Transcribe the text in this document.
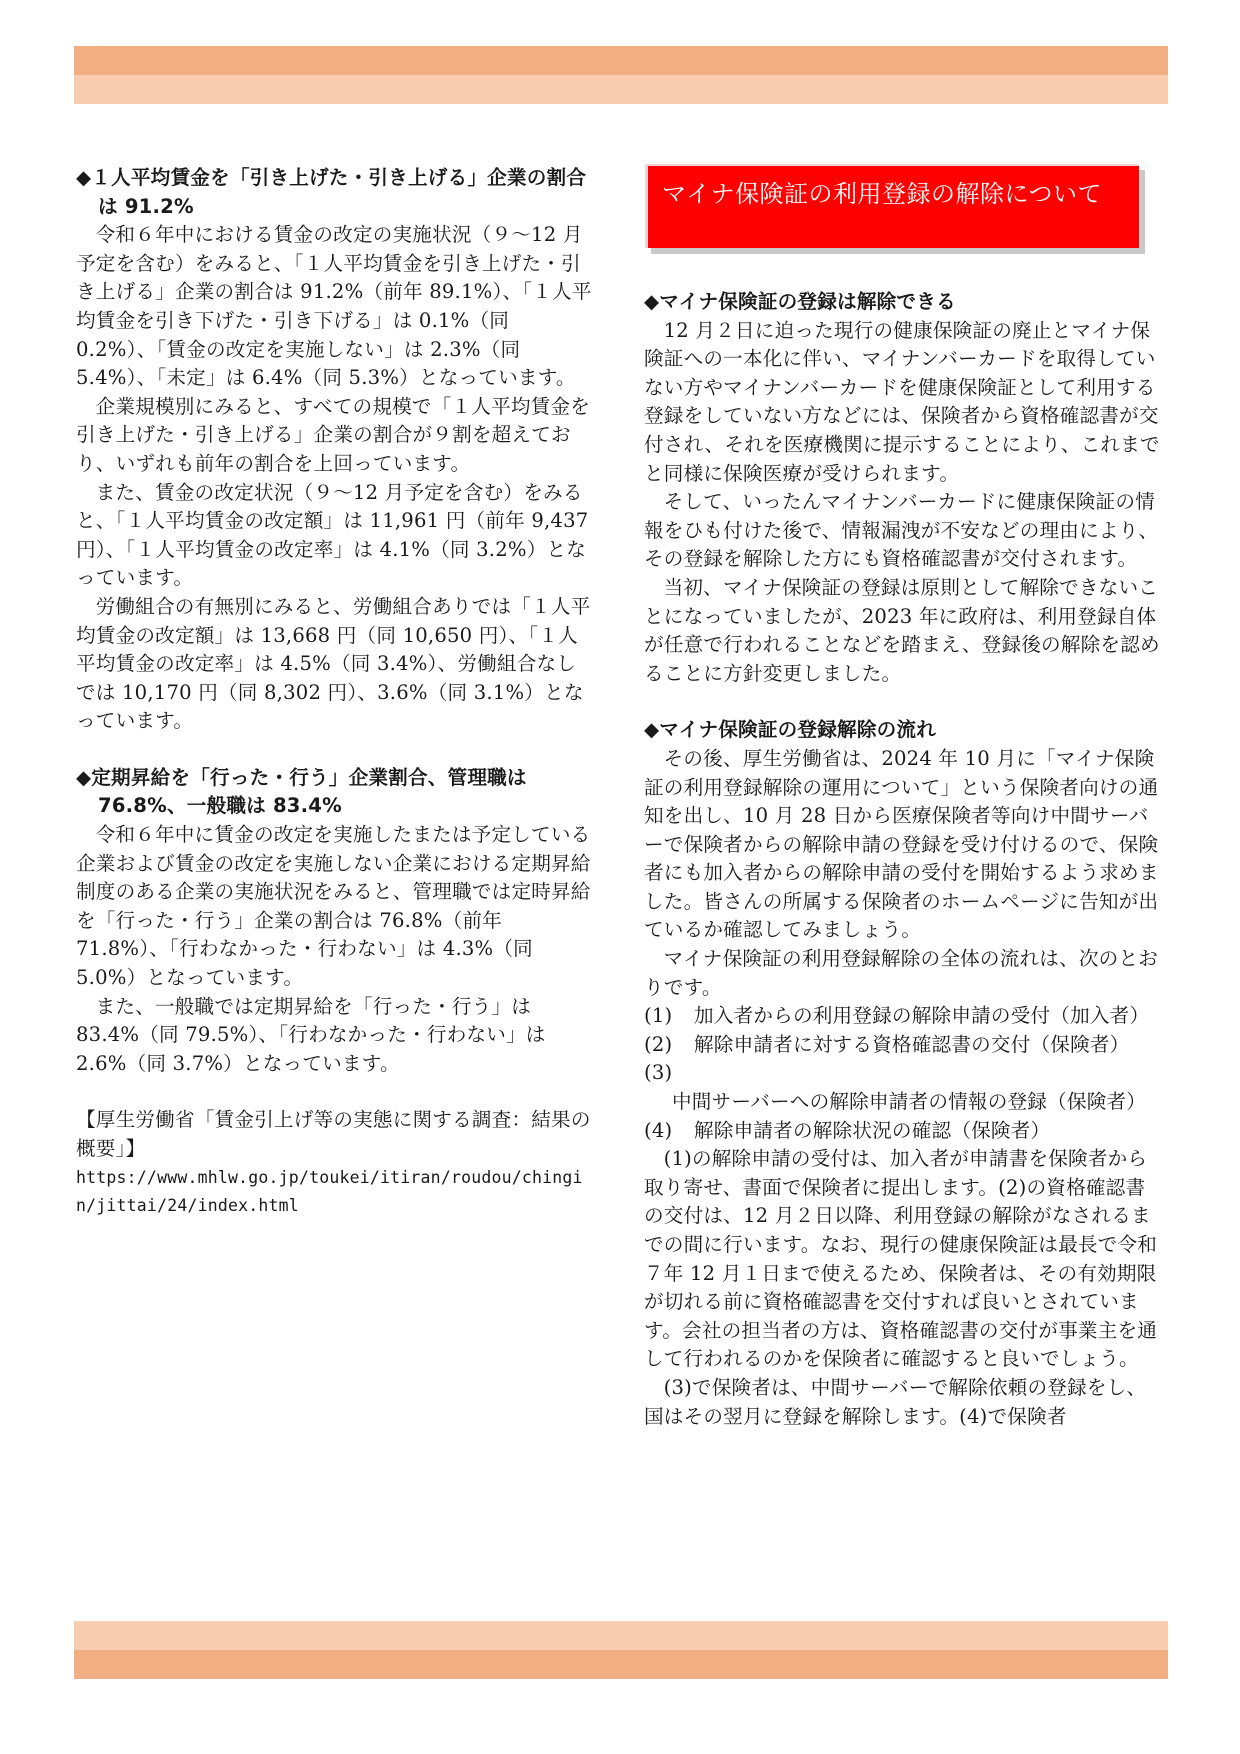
◆１人平均賃金を「引き上げた・引き上げる」企業の割合は 91.2%

令和６年中における賃金の改定の実施状況（９～12 月予定を含む）をみると、「１人平均賃金を引き上げた・引き上げる」企業の割合は 91.2%（前年 89.1%）、「１人平均賃金を引き下げた・引き下げる」は 0.1%（同 0.2%）、「賃金の改定を実施しない」は 2.3%（同 5.4%）、「未定」は 6.4%（同 5.3%）となっています。

企業規模別にみると、すべての規模で「１人平均賃金を引き上げた・引き上げる」企業の割合が９割を超えており、いずれも前年の割合を上回っています。

また、賃金の改定状況（９～12 月予定を含む）をみると、「１人平均賃金の改定額」は 11,961 円（前年 9,437 円）、「１人平均賃金の改定率」は 4.1%（同 3.2%）となっています。

労働組合の有無別にみると、労働組合ありでは「１人平均賃金の改定額」は 13,668 円（同 10,650 円）、「１人平均賃金の改定率」は 4.5%（同 3.4%）、労働組合なしでは 10,170 円（同 8,302 円）、3.6%（同 3.1%）となっています。

◆定期昇給を「行った・行う」企業割合、管理職は 76.8%、一般職は 83.4%

令和６年中に賃金の改定を実施したまたは予定している企業および賃金の改定を実施しない企業における定期昇給制度のある企業の実施状況をみると、管理職では定時昇給を「行った・行う」企業の割合は 76.8%（前年 71.8%）、「行わなかった・行わない」は 4.3%（同 5.0%）となっています。

また、一般職では定期昇給を「行った・行う」は 83.4%（同 79.5%）、「行わなかった・行わない」は 2.6%（同 3.7%）となっています。

【厚生労働省「賃金引上げ等の実態に関する調査：結果の概要」】

https://www.mhlw.go.jp/toukei/itiran/roudou/chingin/jittai/24/index.html

マイナ保険証の利用登録の解除について
◆マイナ保険証の登録は解除できる

12 月２日に迫った現行の健康保険証の廃止とマイナ保険証への一本化に伴い、マイナンバーカードを取得していない方やマイナンバーカードを健康保険証として利用する登録をしていない方などには、保険者から資格確認書が交付され、それを医療機関に提示することにより、これまでと同様に保険医療が受けられます。

そして、いったんマイナンバーカードに健康保険証の情報をひも付けた後で、情報漏洩が不安などの理由により、その登録を解除した方にも資格確認書が交付されます。

当初、マイナ保険証の登録は原則として解除できないことになっていましたが、2023 年に政府は、利用登録自体が任意で行われることなどを踏まえ、登録後の解除を認めることに方針変更しました。

◆マイナ保険証の登録解除の流れ

その後、厚生労働省は、2024 年 10 月に「マイナ保険証の利用登録解除の運用について」という保険者向けの通知を出し、10 月 28 日から医療保険者等向け中間サーバーで保険者からの解除申請の登録を受け付けるので、保険者にも加入者からの解除申請の受付を開始するよう求めました。皆さんの所属する保険者のホームページに告知が出ているか確認してみましょう。

マイナ保険証の利用登録解除の全体の流れは、次のとおりです。

(1) 加入者からの利用登録の解除申請の受付（加入者）
(2) 解除申請者に対する資格確認書の交付（保険者）
(3)中間サーバーへの解除申請者の情報の登録（保険者）
(4) 解除申請者の解除状況の確認（保険者）

(1)の解除申請の受付は、加入者が申請書を保険者から取り寄せ、書面で保険者に提出します。(2)の資格確認書の交付は、12 月２日以降、利用登録の解除がなされるまでの間に行います。なお、現行の健康保険証は最長で令和７年 12 月１日まで使えるため、保険者は、その有効期限が切れる前に資格確認書を交付すれば良いとされています。会社の担当者の方は、資格確認書の交付が事業主を通して行われるのかを保険者に確認すると良いでしょう。

(3)で保険者は、中間サーバーで解除依頼の登録をし、国はその翌月に登録を解除します。(4)で保険者
